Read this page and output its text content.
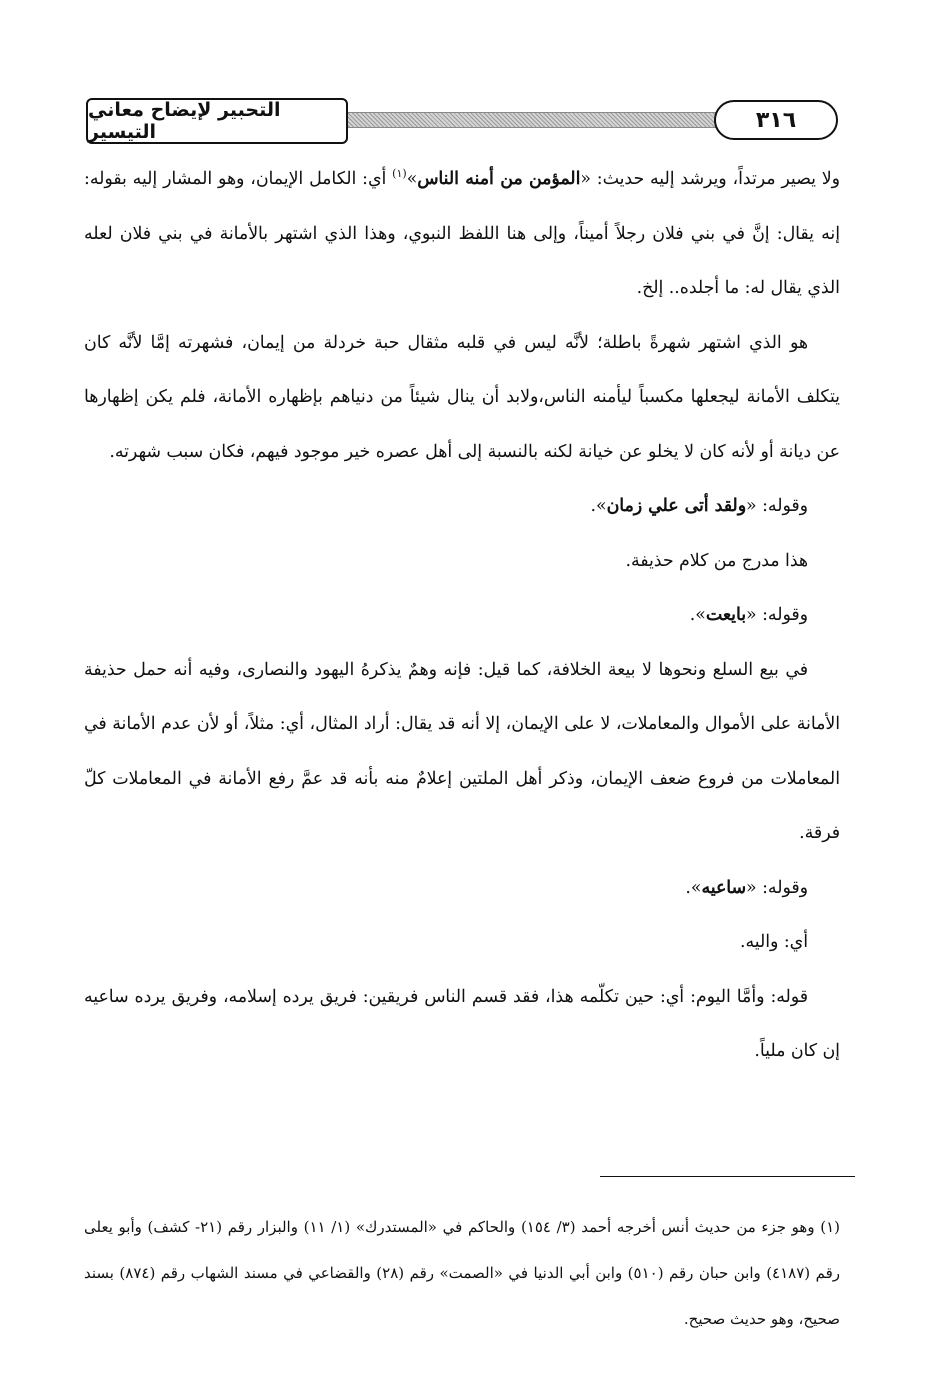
التحبير لإيضاح معاني التيسير	٣١٦

ولا يصير مرتداً، ويرشد إليه حديث: «المؤمن من أمنه الناس»$^{(١)}$ أي: الكامل الإيمان، وهو المشار إليه بقوله: إنه يقال: إنَّ في بني فلان رجلاً أميناً، وإلى هنا اللفظ النبوي، وهذا الذي اشتهر بالأمانة في بني فلان لعله الذي يقال له: ما أجلده.. إلخ.

هو الذي اشتهر شهرةً باطلة؛ لأنَّه ليس في قلبه مثقال حبة خردلة من إيمان، فشهرته إمَّا لأنَّه كان يتكلف الأمانة ليجعلها مكسباً ليأمنه الناس،ولابد أن ينال شيئاً من دنياهم بإظهاره الأمانة، فلم يكن إظهارها عن ديانة أو لأنه كان لا يخلو عن خيانة لكنه بالنسبة إلى أهل عصره خير موجود فيهم، فكان سبب شهرته.

وقوله: «ولقد أتى علي زمان».

هذا مدرج من كلام حذيفة.

وقوله: «بايعت».

في بيع السلع ونحوها لا بيعة الخلافة، كما قيل: فإنه وهمٌ يذكرهُ اليهود والنصارى، وفيه أنه حمل حذيفة الأمانة على الأموال والمعاملات، لا على الإيمان، إلا أنه قد يقال: أراد المثال، أي: مثلاً، أو لأن عدم الأمانة في المعاملات من فروع ضعف الإيمان، وذكر أهل الملتين إعلامٌ منه بأنه قد عمَّ رفع الأمانة في المعاملات كلّ فرقة.

وقوله: «ساعيه».

أي: واليه.

قوله: وأمَّا اليوم: أي: حين تكلّمه هذا، فقد قسم الناس فريقين: فريق يرده إسلامه، وفريق يرده ساعيه إن كان ملياً.

(١) وهو جزء من حديث أنس أخرجه أحمد (٣/ ١٥٤) والحاكم في «المستدرك» (١/ ١١) والبزار رقم (٢١- كشف) وأبو يعلى رقم (٤١٨٧) وابن حبان رقم (٥١٠) وابن أبي الدنيا في «الصمت» رقم (٢٨) والقضاعي في مسند الشهاب رقم (٨٧٤) بسند صحيح، وهو حديث صحيح.
